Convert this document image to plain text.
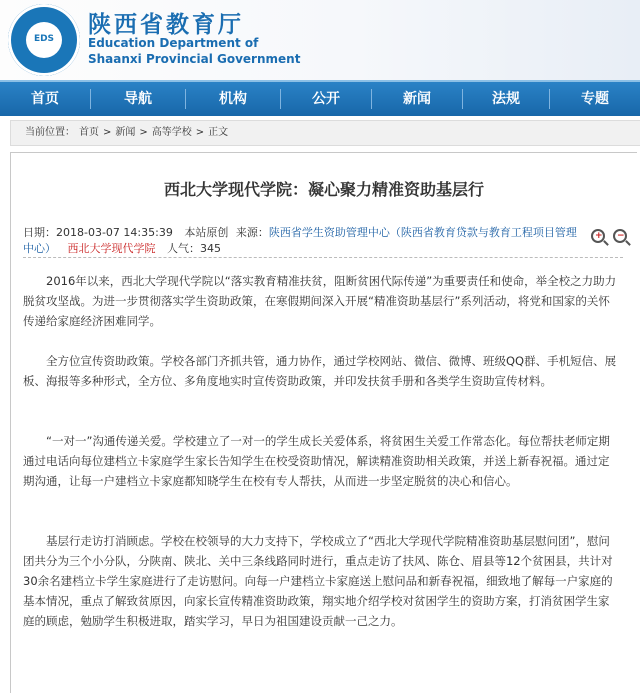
EDS
陕西省教育厅
Education Department of
Shaanxi Provincial Government
首页	导航	机构	公开	新闻	法规	专题
当前位置： 首页 > 新闻 > 高等学校 > 正文
西北大学现代学院：凝心聚力精准资助基层行
日期：2018-03-07 14:35:39 本站原创 来源：陕西省学生资助管理中心（陕西省教育贷款与教育工程项目管理中心） 西北大学现代学院 人气：345
+ −
2016年以来，西北大学现代学院以“落实教育精准扶贫，阻断贫困代际传递”为重要责任和使命，举全校之力助力脱贫攻坚战。为进一步贯彻落实学生资助政策，在寒假期间深入开展“精准资助基层行”系列活动，将党和国家的关怀传递给家庭经济困难同学。
全方位宣传资助政策。学校各部门齐抓共管，通力协作，通过学校网站、微信、微博、班级QQ群、手机短信、展板、海报等多种形式，全方位、多角度地实时宣传资助政策，并印发扶贫手册和各类学生资助宣传材料。
“一对一”沟通传递关爱。学校建立了一对一的学生成长关爱体系，将贫困生关爱工作常态化。每位帮扶老师定期通过电话向每位建档立卡家庭学生家长告知学生在校受资助情况，解读精准资助相关政策，并送上新春祝福。通过定期沟通，让每一户建档立卡家庭都知晓学生在校有专人帮扶，从而进一步坚定脱贫的决心和信心。
基层行走访打消顾虑。学校在校领导的大力支持下，学校成立了“西北大学现代学院精准资助基层慰问团”，慰问团共分为三个小分队，分陕南、陕北、关中三条线路同时进行，重点走访了扶风、陈仓、眉县等12个贫困县，共计对30余名建档立卡学生家庭进行了走访慰问。向每一户建档立卡家庭送上慰问品和新春祝福，细致地了解每一户家庭的基本情况，重点了解致贫原因，向家长宣传精准资助政策，翔实地介绍学校对贫困学生的资助方案，打消贫困学生家庭的顾虑，勉励学生积极进取，踏实学习，早日为祖国建设贡献一己之力。
